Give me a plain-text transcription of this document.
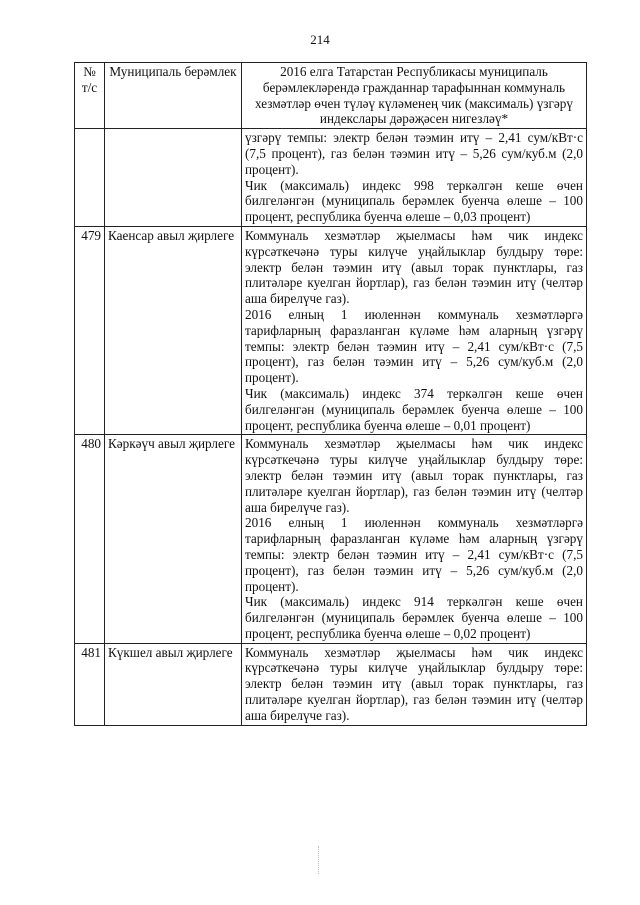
214
№ т/с	Муниципаль берәмлек	2016 елга Татарстан Республикасы муниципаль берәмлекләрендә гражданнар тарафыннан коммуналь хезмәтләр өчен түләү күләменең чик (максималь) үзгәрү индекслары дәрәҗәсен нигезләү*

		үзгәрү темпы: электр белән тәэмин итү – 2,41 сум/кВт·с (7,5 процент), газ белән тәэмин итү – 5,26 сум/куб.м (2,0 процент).

Чик (максималь) индекс 998 теркәлгән кеше өчен билгеләнгән (муниципаль берәмлек буенча өлеше – 100 процент, республика буенча өлеше – 0,03 процент)

479	Каенсар авыл җирлеге	Коммуналь хезмәтләр җыелмасы һәм чик индекс күрсәткечәнә туры килүче уңайлыклар булдыру төре: электр белән тәэмин итү (авыл торак пунктлары, газ плитәләре куелган йортлар), газ белән тәэмин итү (челтәр аша бирелүче газ).

2016 елның 1 июленнән коммуналь хезмәтләргә тарифларның фаразланган күләме һәм аларның үзгәрү темпы: электр белән тәэмин итү – 2,41 сум/кВт·с (7,5 процент), газ белән тәэмин итү – 5,26 сум/куб.м (2,0 процент).

Чик (максималь) индекс 374 теркәлгән кеше өчен билгеләнгән (муниципаль берәмлек буенча өлеше – 100 процент, республика буенча өлеше – 0,01 процент)

480	Кәркәүч авыл җирлеге	Коммуналь хезмәтләр җыелмасы һәм чик индекс күрсәткечәнә туры килүче уңайлыклар булдыру төре: электр белән тәэмин итү (авыл торак пунктлары, газ плитәләре куелган йортлар), газ белән тәэмин итү (челтәр аша бирелүче газ).

2016 елның 1 июленнән коммуналь хезмәтләргә тарифларның фаразланган күләме һәм аларның үзгәрү темпы: электр белән тәэмин итү – 2,41 сум/кВт·с (7,5 процент), газ белән тәэмин итү – 5,26 сум/куб.м (2,0 процент).

Чик (максималь) индекс 914 теркәлгән кеше өчен билгеләнгән (муниципаль берәмлек буенча өлеше – 100 процент, республика буенча өлеше – 0,02 процент)

481	Күкшел авыл җирлеге	Коммуналь хезмәтләр җыелмасы һәм чик индекс күрсәткечәнә туры килүче уңайлыклар булдыру төре: электр белән тәэмин итү (авыл торак пунктлары, газ плитәләре куелган йортлар), газ белән тәэмин итү (челтәр аша бирелүче газ).
